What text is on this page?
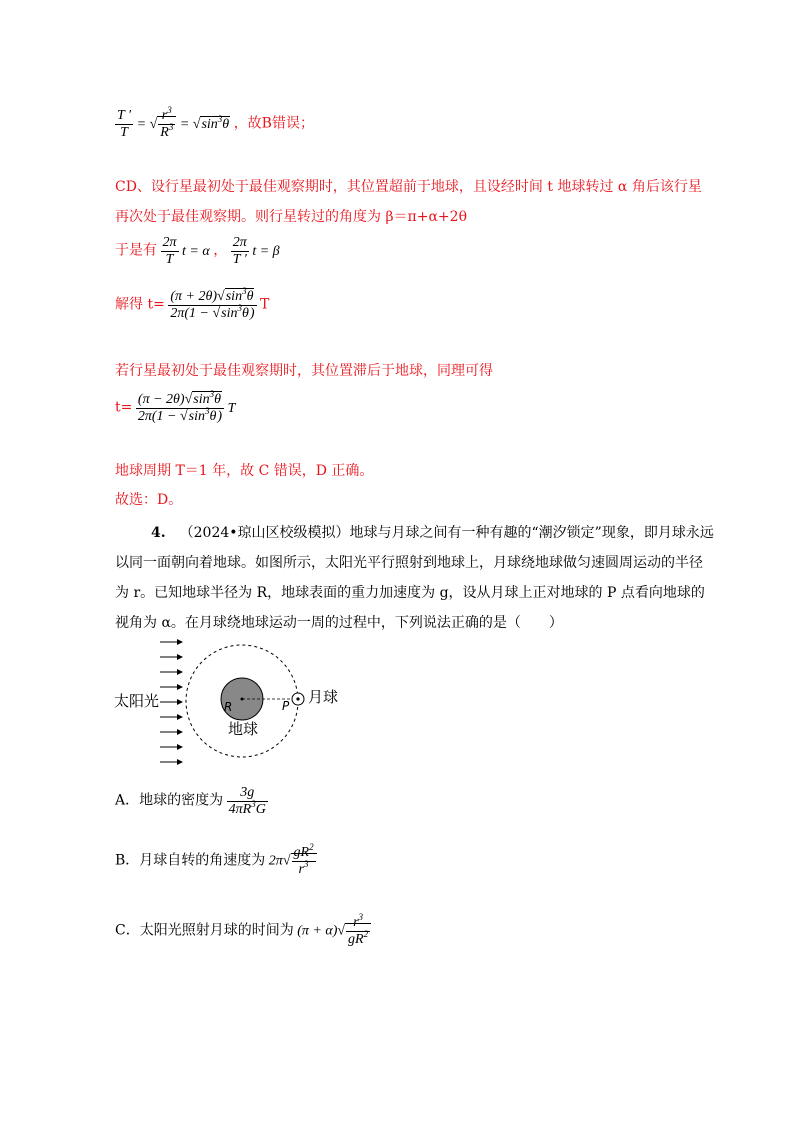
$\frac{T '}{T}$ = √ $\frac{r^3}{R^3} = √\sin^3\theta$ ，故B错误；
CD、设行星最初处于最佳观察期时，其位置超前于地球，且设经时间 t 地球转过 α 角后该行星再次处于最佳观察期。则行星转过的角度为 β＝π+α+2θ
于是有 $\frac{2\pi}{T}$ t = α ， $\frac{2\pi}{T '}$ t = β
解得 $t= \frac{(\pi + 2\theta)√\sin^3\theta}{2\pi(1 - √\sin^3\theta)}$ T
若行星最初处于最佳观察期时，其位置滞后于地球，同理可得
$t= \frac{(\pi - 2\theta)√\sin^3\theta}{2\pi(1 - √\sin^3\theta)}$ T
地球周期 T＝1 年，故 C 错误，D 正确。
故选：D。
4. （2024•琼山区校级模拟）地球与月球之间有一种有趣的“潮汐锁定”现象，即月球永远以同一面朝向着地球。如图所示，太阳光平行照射到地球上，月球绕地球做匀速圆周运动的半径为 r。已知地球半径为 R，地球表面的重力加速度为 g，设从月球上正对地球的 P 点看向地球的视角为 α。在月球绕地球运动一周的过程中，下列说法正确的是（　　）
太阳光	月球
地球
R	P
A．地球的密度为 $\frac{3g}{4\pi R^3G}$
B．月球自转的角速度为 $2\pi√ \frac{gR^2}{r^3}$
C．太阳光照射月球的时间为 $(\pi + \alpha)√ \frac{r^3}{gR^2}$
